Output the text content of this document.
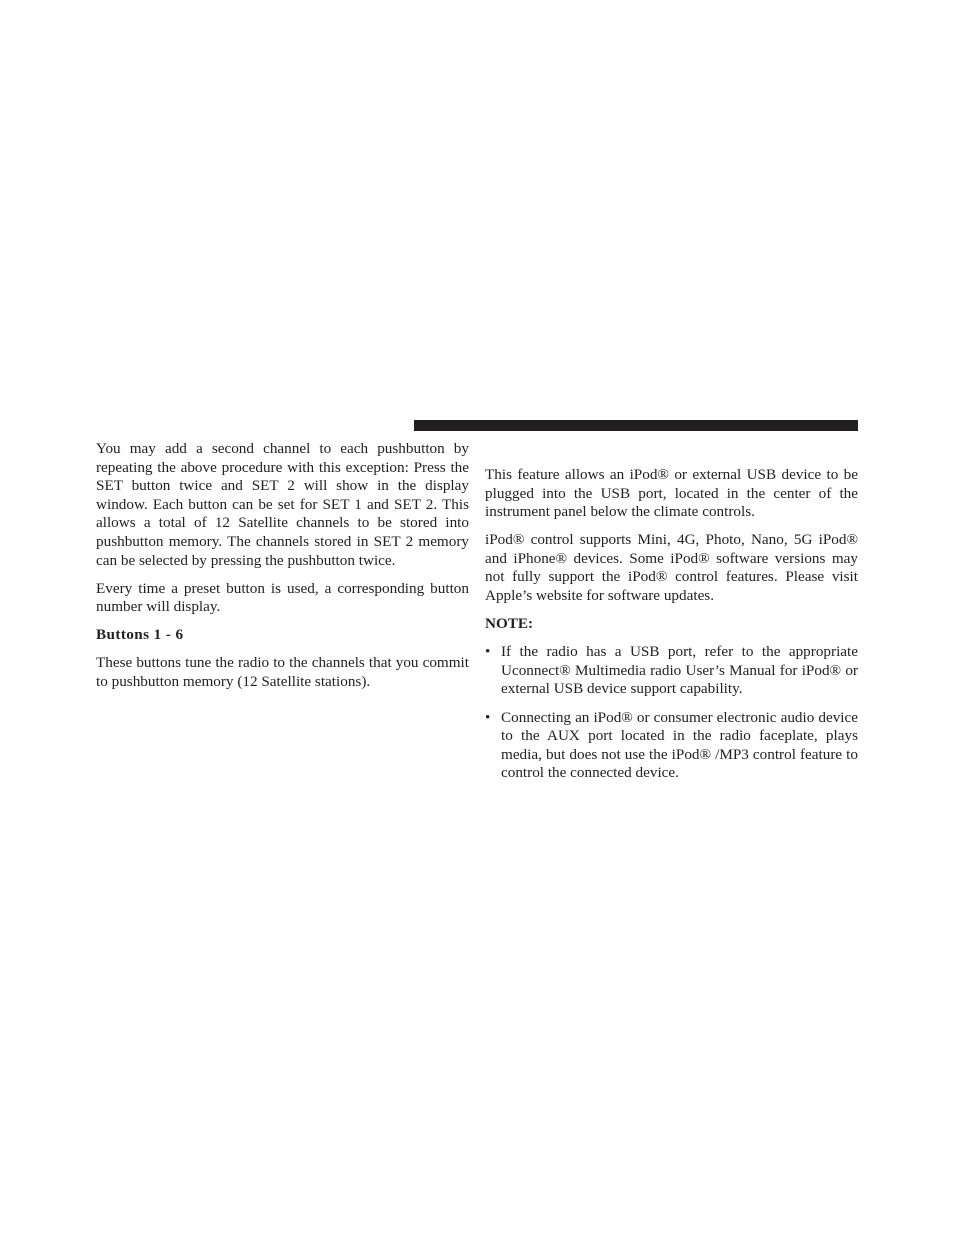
You may add a second channel to each pushbutton by repeating the above procedure with this exception: Press the SET button twice and SET 2 will show in the display window. Each button can be set for SET 1 and SET 2. This allows a total of 12 Satellite channels to be stored into pushbutton memory. The channels stored in SET 2 memory can be selected by pressing the pushbutton twice.

Every time a preset button is used, a corresponding button number will display.

Buttons 1 - 6

These buttons tune the radio to the channels that you commit to pushbutton memory (12 Satellite stations).

This feature allows an iPod® or external USB device to be plugged into the USB port, located in the center of the instrument panel below the climate controls.

iPod® control supports Mini, 4G, Photo, Nano, 5G iPod® and iPhone® devices. Some iPod® software versions may not fully support the iPod® control features. Please visit Apple’s website for software updates.

NOTE:

• If the radio has a USB port, refer to the appropriate Uconnect® Multimedia radio User’s Manual for iPod® or external USB device support capability.
• Connecting an iPod® or consumer electronic audio device to the AUX port located in the radio faceplate, plays media, but does not use the iPod® /MP3 control feature to control the connected device.
